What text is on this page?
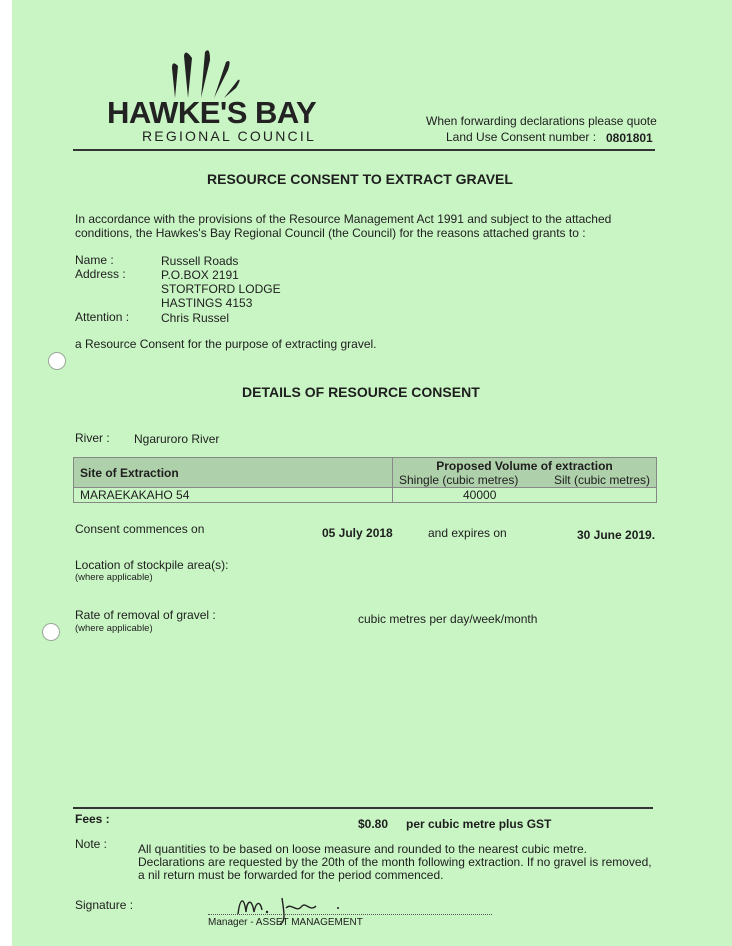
HAWKE'S BAY
REGIONAL COUNCIL
When forwarding declarations please quote
Land Use Consent number : 0801801
RESOURCE CONSENT TO EXTRACT GRAVEL
In accordance with the provisions of the Resource Management Act 1991 and subject to the attached
conditions, the Hawkes's Bay Regional Council (the Council) for the reasons attached grants to :
Name :	Russell Roads
Address :	P.O.BOX 2191
STORTFORD LODGE
HASTINGS 4153
Attention :	Chris Russel
a Resource Consent for the purpose of extracting gravel.
DETAILS OF RESOURCE CONSENT
River : Ngaruroro River
Site of Extraction	Proposed Volume of extraction
Shingle (cubic metres) Silt (cubic metres)

MARAEKAKAHO 54	40000
Consent commences on	05 July 2018	and expires on	30 June 2019.
Location of stockpile area(s):
(where applicable)
Rate of removal of gravel :
(where applicable)
cubic metres per day/week/month
Fees :	$0.80 per cubic metre plus GST
Note :	All quantities to be based on loose measure and rounded to the nearest cubic metre.
Declarations are requested by the 20th of the month following extraction. If no gravel is removed,
a nil return must be forwarded for the period commenced.
Signature :
Manager - ASSET MANAGEMENT
